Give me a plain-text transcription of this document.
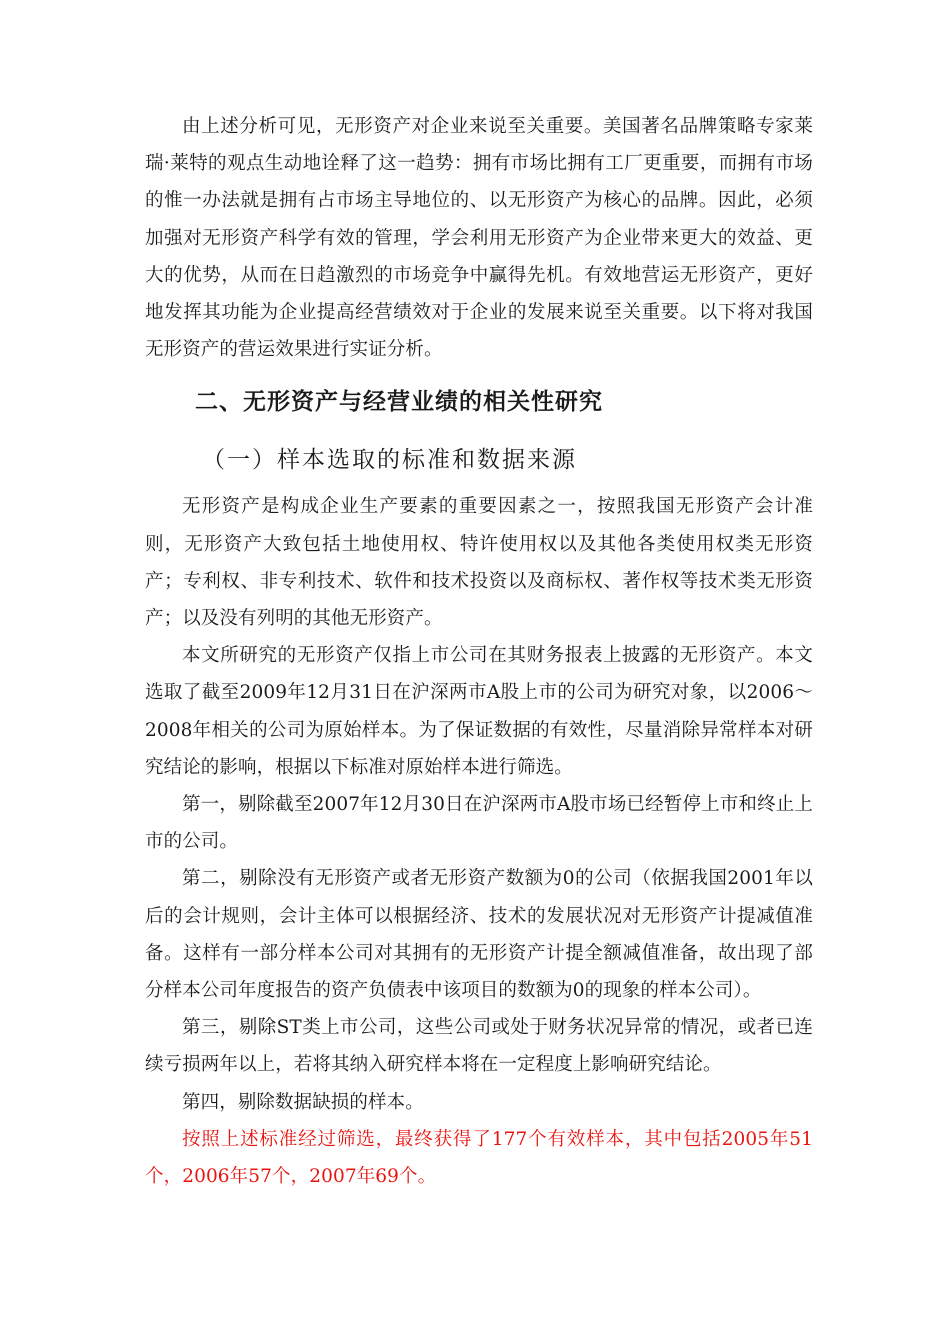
由上述分析可见，无形资产对企业来说至关重要。美国著名品牌策略专家莱瑞·莱特的观点生动地诠释了这一趋势：拥有市场比拥有工厂更重要，而拥有市场的惟一办法就是拥有占市场主导地位的、以无形资产为核心的品牌。因此，必须加强对无形资产科学有效的管理，学会利用无形资产为企业带来更大的效益、更大的优势，从而在日趋激烈的市场竞争中赢得先机。有效地营运无形资产，更好地发挥其功能为企业提高经营绩效对于企业的发展来说至关重要。以下将对我国无形资产的营运效果进行实证分析。

二、无形资产与经营业绩的相关性研究
（一）样本选取的标准和数据来源

无形资产是构成企业生产要素的重要因素之一，按照我国无形资产会计准则，无形资产大致包括土地使用权、特许使用权以及其他各类使用权类无形资产；专利权、非专利技术、软件和技术投资以及商标权、著作权等技术类无形资产；以及没有列明的其他无形资产。

本文所研究的无形资产仅指上市公司在其财务报表上披露的无形资产。本文选取了截至2009年12月31日在沪深两市A股上市的公司为研究对象，以2006～2008年相关的公司为原始样本。为了保证数据的有效性，尽量消除异常样本对研究结论的影响，根据以下标准对原始样本进行筛选。

第一，剔除截至2007年12月30日在沪深两市A股市场已经暂停上市和终止上市的公司。

第二，剔除没有无形资产或者无形资产数额为0的公司（依据我国2001年以后的会计规则，会计主体可以根据经济、技术的发展状况对无形资产计提减值准备。这样有一部分样本公司对其拥有的无形资产计提全额减值准备，故出现了部分样本公司年度报告的资产负债表中该项目的数额为0的现象的样本公司）。

第三，剔除ST类上市公司，这些公司或处于财务状况异常的情况，或者已连续亏损两年以上，若将其纳入研究样本将在一定程度上影响研究结论。

第四，剔除数据缺损的样本。

按照上述标准经过筛选，最终获得了177个有效样本，其中包括2005年51个，2006年57个，2007年69个。
